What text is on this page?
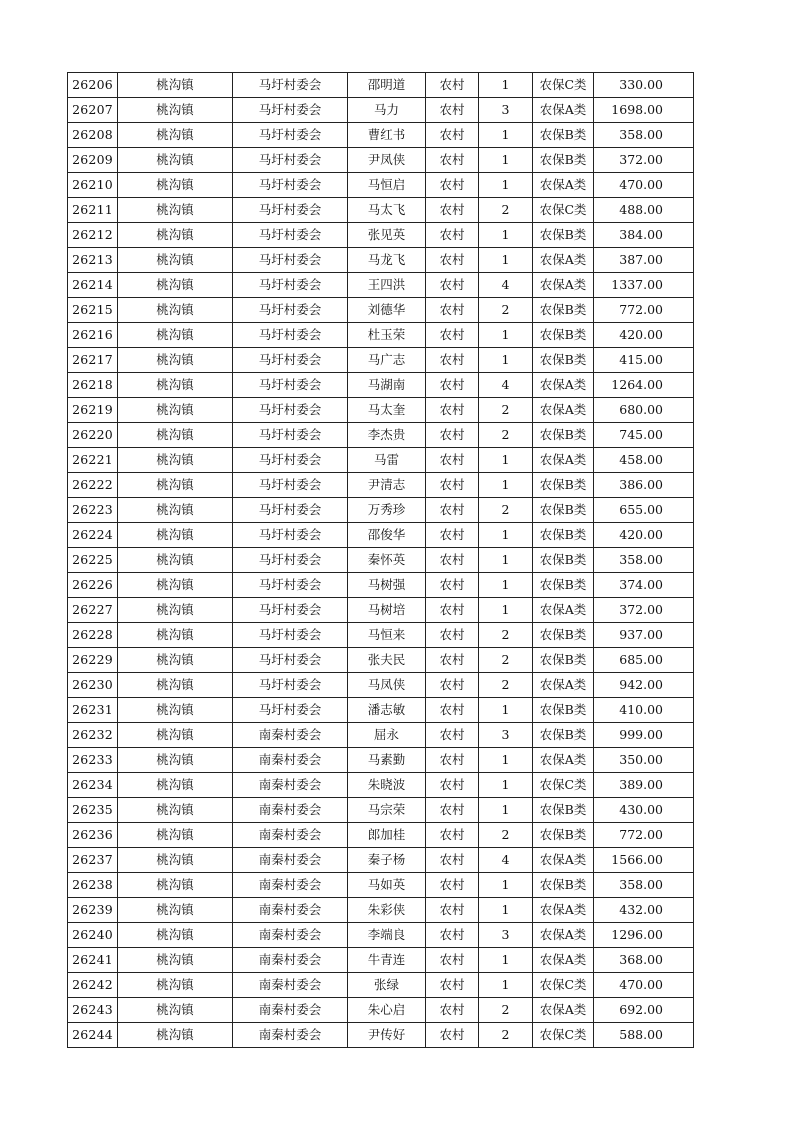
26206	桃沟镇	马圩村委会	邵明道	农村	1	农保C类	330.00
26207	桃沟镇	马圩村委会	马力	农村	3	农保A类	1698.00
26208	桃沟镇	马圩村委会	曹红书	农村	1	农保B类	358.00
26209	桃沟镇	马圩村委会	尹凤侠	农村	1	农保B类	372.00
26210	桃沟镇	马圩村委会	马恒启	农村	1	农保A类	470.00
26211	桃沟镇	马圩村委会	马太飞	农村	2	农保C类	488.00
26212	桃沟镇	马圩村委会	张见英	农村	1	农保B类	384.00
26213	桃沟镇	马圩村委会	马龙飞	农村	1	农保A类	387.00
26214	桃沟镇	马圩村委会	王四洪	农村	4	农保A类	1337.00
26215	桃沟镇	马圩村委会	刘德华	农村	2	农保B类	772.00
26216	桃沟镇	马圩村委会	杜玉荣	农村	1	农保B类	420.00
26217	桃沟镇	马圩村委会	马广志	农村	1	农保B类	415.00
26218	桃沟镇	马圩村委会	马湖南	农村	4	农保A类	1264.00
26219	桃沟镇	马圩村委会	马太奎	农村	2	农保A类	680.00
26220	桃沟镇	马圩村委会	李杰贵	农村	2	农保B类	745.00
26221	桃沟镇	马圩村委会	马雷	农村	1	农保A类	458.00
26222	桃沟镇	马圩村委会	尹清志	农村	1	农保B类	386.00
26223	桃沟镇	马圩村委会	万秀珍	农村	2	农保B类	655.00
26224	桃沟镇	马圩村委会	邵俊华	农村	1	农保B类	420.00
26225	桃沟镇	马圩村委会	秦怀英	农村	1	农保B类	358.00
26226	桃沟镇	马圩村委会	马树强	农村	1	农保B类	374.00
26227	桃沟镇	马圩村委会	马树培	农村	1	农保A类	372.00
26228	桃沟镇	马圩村委会	马恒来	农村	2	农保B类	937.00
26229	桃沟镇	马圩村委会	张夫民	农村	2	农保B类	685.00
26230	桃沟镇	马圩村委会	马凤侠	农村	2	农保A类	942.00
26231	桃沟镇	马圩村委会	潘志敏	农村	1	农保B类	410.00
26232	桃沟镇	南秦村委会	屈永	农村	3	农保B类	999.00
26233	桃沟镇	南秦村委会	马素勤	农村	1	农保A类	350.00
26234	桃沟镇	南秦村委会	朱晓波	农村	1	农保C类	389.00
26235	桃沟镇	南秦村委会	马宗荣	农村	1	农保B类	430.00
26236	桃沟镇	南秦村委会	郎加桂	农村	2	农保B类	772.00
26237	桃沟镇	南秦村委会	秦子杨	农村	4	农保A类	1566.00
26238	桃沟镇	南秦村委会	马如英	农村	1	农保B类	358.00
26239	桃沟镇	南秦村委会	朱彩侠	农村	1	农保A类	432.00
26240	桃沟镇	南秦村委会	李端良	农村	3	农保A类	1296.00
26241	桃沟镇	南秦村委会	牛青连	农村	1	农保A类	368.00
26242	桃沟镇	南秦村委会	张绿	农村	1	农保C类	470.00
26243	桃沟镇	南秦村委会	朱心启	农村	2	农保A类	692.00
26244	桃沟镇	南秦村委会	尹传好	农村	2	农保C类	588.00
